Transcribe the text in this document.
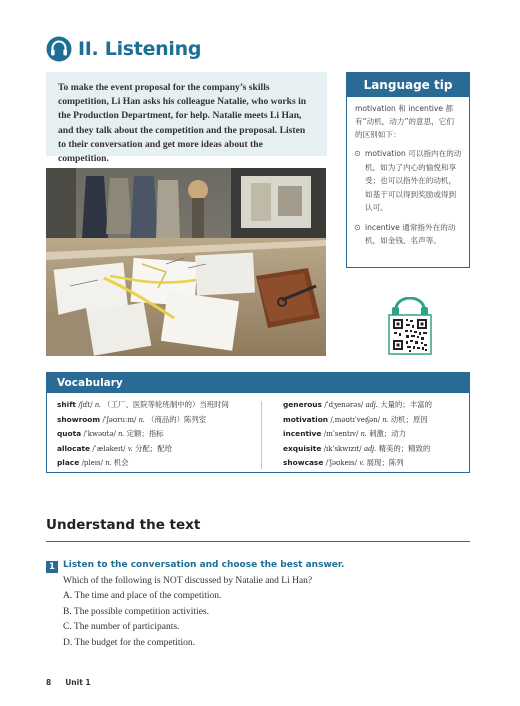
II. Listening
To make the event proposal for the company’s skills competition, Li Han asks his colleague Natalie, who works in the Production Department, for help. Natalie meets Li Han, and they talk about the competition and the proposal. Listen to their conversation and get more ideas about the competition.
Language tip
motivation 和 incentive 都有“动机，动力”的意思，它们的区别如下：
⊙ motivation 可以指内在的动机，如为了内心的愉悦和享受；也可以指外在的动机，如基于可以得到奖励或得到认可。
⊙ incentive 通常指外在的动机，如金钱、名声等。
Vocabulary
shift /ʃɪft/ n. （工厂、医院等轮班制中的）当班时间
showroom /ˈʃəʊruːm/ n. （商品的）陈列室
quota /ˈkwəʊtə/ n. 定额；指标
allocate /ˈæləkeɪt/ v. 分配；配给
place /pleɪs/ n. 机会
generous /ˈdʒenərəs/ adj. 大量的；丰富的
motivation /ˌməʊtɪˈveɪʃən/ n. 动机；原因
incentive /ɪnˈsentɪv/ n. 刺激；动力
exquisite /ɪkˈskwɪzɪt/ adj. 精美的；精致的
showcase /ˈʃəʊkeɪs/ v. 展现；陈列
Understand the text
1 Listen to the conversation and choose the best answer.
Which of the following is NOT discussed by Natalie and Li Han?
A. The time and place of the competition.
B. The possible competition activities.
C. The number of participants.
D. The budget for the competition.
8 Unit 1
